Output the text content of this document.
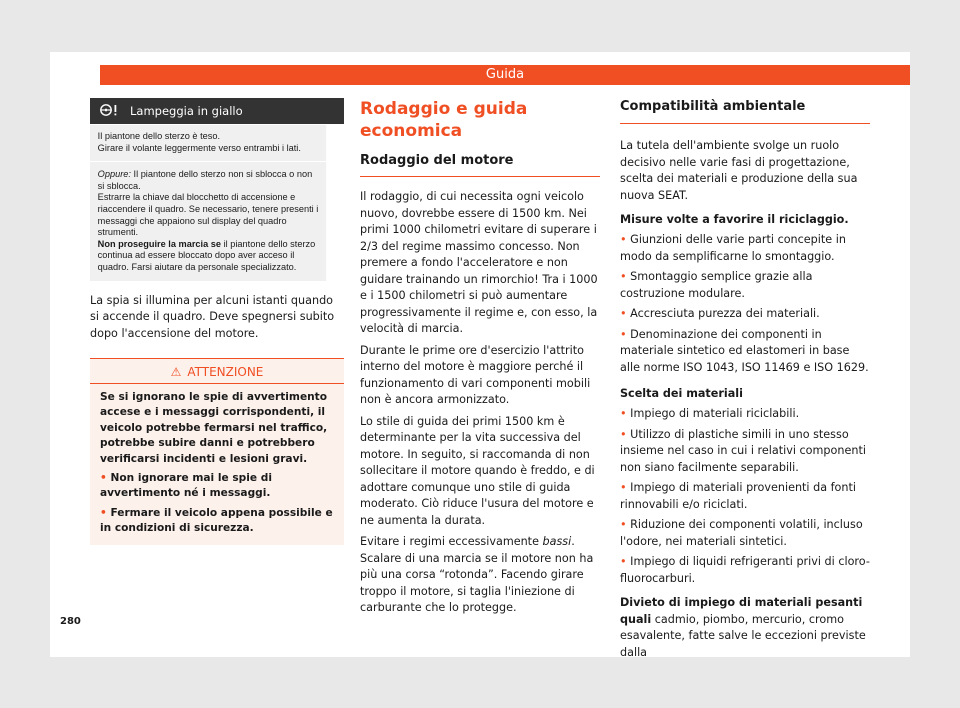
Guida
Lampeggia in giallo

Il piantone dello sterzo è teso.
Girare il volante leggermente verso entrambi i lati.

Oppure: Il piantone dello sterzo non si sblocca o non si sblocca.

Estrarre la chiave dal blocchetto di accensione e riaccendere il quadro. Se necessario, tenere presenti i messaggi che appaiono sul display del quadro strumenti.

Non proseguire la marcia se il piantone dello sterzo continua ad essere bloccato dopo aver acceso il quadro. Farsi aiutare da personale specializzato.

La spia si illumina per alcuni istanti quando si accende il quadro. Deve spegnersi subito dopo l'accensione del motore.

⚠ ATTENZIONE

Se si ignorano le spie di avvertimento accese e i messaggi corrispondenti, il veicolo potrebbe fermarsi nel traffico, potrebbe subire danni e potrebbero verificarsi incidenti e lesioni gravi.

• Non ignorare mai le spie di avvertimento né i messaggi.

• Fermare il veicolo appena possibile e in condizioni di sicurezza.

Rodaggio e guida economica
Rodaggio del motore

Il rodaggio, di cui necessita ogni veicolo nuovo, dovrebbe essere di 1500 km. Nei primi 1000 chilometri evitare di superare i 2/3 del regime massimo concesso. Non premere a fondo l'acceleratore e non guidare trainando un rimorchio! Tra i 1000 e i 1500 chilometri si può aumentare progressivamente il regime e, con esso, la velocità di marcia.

Durante le prime ore d'esercizio l'attrito interno del motore è maggiore perché il funzionamento di vari componenti mobili non è ancora armonizzato.

Lo stile di guida dei primi 1500 km è determinante per la vita successiva del motore. In seguito, si raccomanda di non sollecitare il motore quando è freddo, e di adottare comunque uno stile di guida moderato. Ciò riduce l'usura del motore e ne aumenta la durata.

Evitare i regimi eccessivamente bassi. Scalare di una marcia se il motore non ha più una corsa “rotonda”. Facendo girare troppo il motore, si taglia l'iniezione di carburante che lo protegge.

Compatibilità ambientale

La tutela dell'ambiente svolge un ruolo decisivo nelle varie fasi di progettazione, scelta dei materiali e produzione della sua nuova SEAT.

Misure volte a favorire il riciclaggio.

• Giunzioni delle varie parti concepite in modo da semplificarne lo smontaggio.

• Smontaggio semplice grazie alla costruzione modulare.

• Accresciuta purezza dei materiali.

• Denominazione dei componenti in materiale sintetico ed elastomeri in base alle norme ISO 1043, ISO 11469 e ISO 1629.

Scelta dei materiali

• Impiego di materiali riciclabili.

• Utilizzo di plastiche simili in uno stesso insieme nel caso in cui i relativi componenti non siano facilmente separabili.

• Impiego di materiali provenienti da fonti rinnovabili e/o riciclati.

• Riduzione dei componenti volatili, incluso l'odore, nei materiali sintetici.

• Impiego di liquidi refrigeranti privi di cloro-fluorocarburi.

Divieto di impiego di materiali pesanti quali cadmio, piombo, mercurio, cromo esavalente, fatte salve le eccezioni previste dalla

280
